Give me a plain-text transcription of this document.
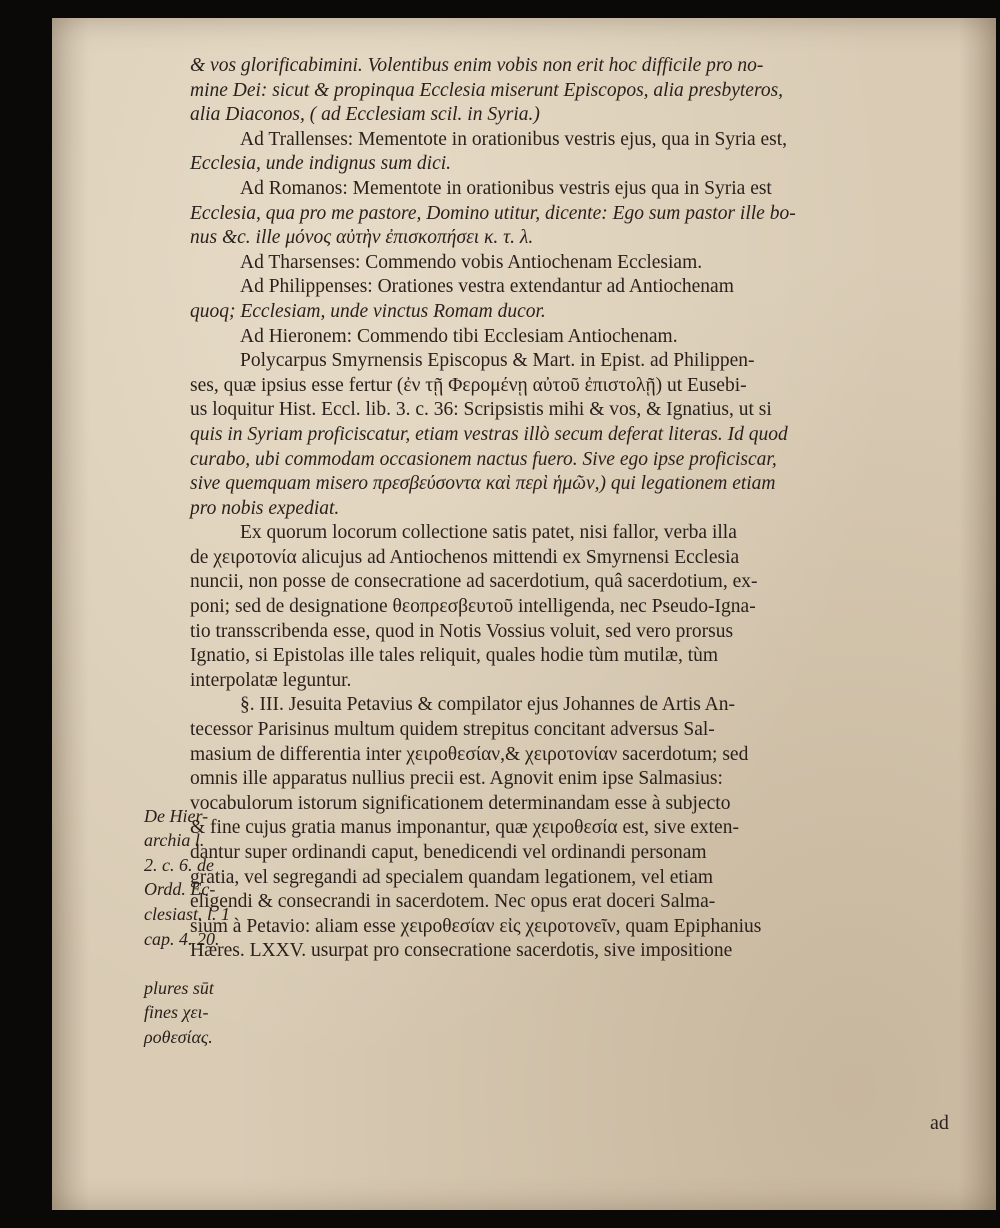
& vos glorificabimini. Volentibus enim vobis non erit hoc difficile pro no-
mine Dei: sicut & propinqua Ecclesia miserunt Episcopos, alia presbyteros,
alia Diaconos, ( ad Ecclesiam scil. in Syria.)
Ad Trallenses: Mementote in orationibus vestris ejus, qua in Syria est,
Ecclesia, unde indignus sum dici.
Ad Romanos: Mementote in orationibus vestris ejus qua in Syria est
Ecclesia, qua pro me pastore, Domino utitur, dicente: Ego sum pastor ille bo-
nus &c. ille μόνος αὐτὴν ἐπισκοπήσει κ. τ. λ.
Ad Tharsenses: Commendo vobis Antiochenam Ecclesiam.
Ad Philippenses: Orationes vestra extendantur ad Antiochenam
quoq; Ecclesiam, unde vinctus Romam ducor.
Ad Hieronem: Commendo tibi Ecclesiam Antiochenam.
Polycarpus Smyrnensis Episcopus & Mart. in Epist. ad Philippen-
ses, quæ ipsius esse fertur (ἐν τῇ Φερομένῃ αὐτοῦ ἐπιστολῇ) ut Eusebi-
us loquitur Hist. Eccl. lib. 3. c. 36: Scripsistis mihi & vos, & Ignatius, ut si
quis in Syriam proficiscatur, etiam vestras illò secum deferat literas. Id quod
curabo, ubi commodam occasionem nactus fuero. Sive ego ipse proficiscar,
sive quemquam misero πρεσβεύσοντα καὶ περὶ ἡμῶν,) qui legationem etiam
pro nobis expediat.
Ex quorum locorum collectione satis patet, nisi fallor, verba illa
de χειροτονία alicujus ad Antiochenos mittendi ex Smyrnensi Ecclesia
nuncii, non posse de consecratione ad sacerdotium, quâ sacerdotium, ex-
poni; sed de designatione θεοπρεσβευτοῦ intelligenda, nec Pseudo-Igna-
tio transscribenda esse, quod in Notis Vossius voluit, sed vero prorsus
Ignatio, si Epistolas ille tales reliquit, quales hodie tùm mutilæ, tùm
interpolatæ leguntur.
§. III. Jesuita Petavius & compilator ejus Johannes de Artis An-
tecessor Parisinus multum quidem strepitus concitant adversus Sal-
masium de differentia inter χειροθεσίαν,& χειροτονίαν sacerdotum; sed
omnis ille apparatus nullius precii est. Agnovit enim ipse Salmasius:
vocabulorum istorum significationem determinandam esse à subjecto
& fine cujus gratia manus imponantur, quæ χειροθεσία est, sive exten-
dantur super ordinandi caput, benedicendi vel ordinandi personam
gratia, vel segregandi ad specialem quandam legationem, vel etiam
eligendi & consecrandi in sacerdotem. Nec opus erat doceri Salma-
sium à Petavio: aliam esse χειροθεσίαν εἰς χειροτονεῖν, quam Epiphanius
Hæres. LXXV. usurpat pro consecratione sacerdotis, sive impositione
De Hier-
archia l.
2. c. 6. de
Ordd. Ec-
clesiast. l. 1
cap. 4. 20.
plures sūt
fines χει-
ροθεσίας.
ad
